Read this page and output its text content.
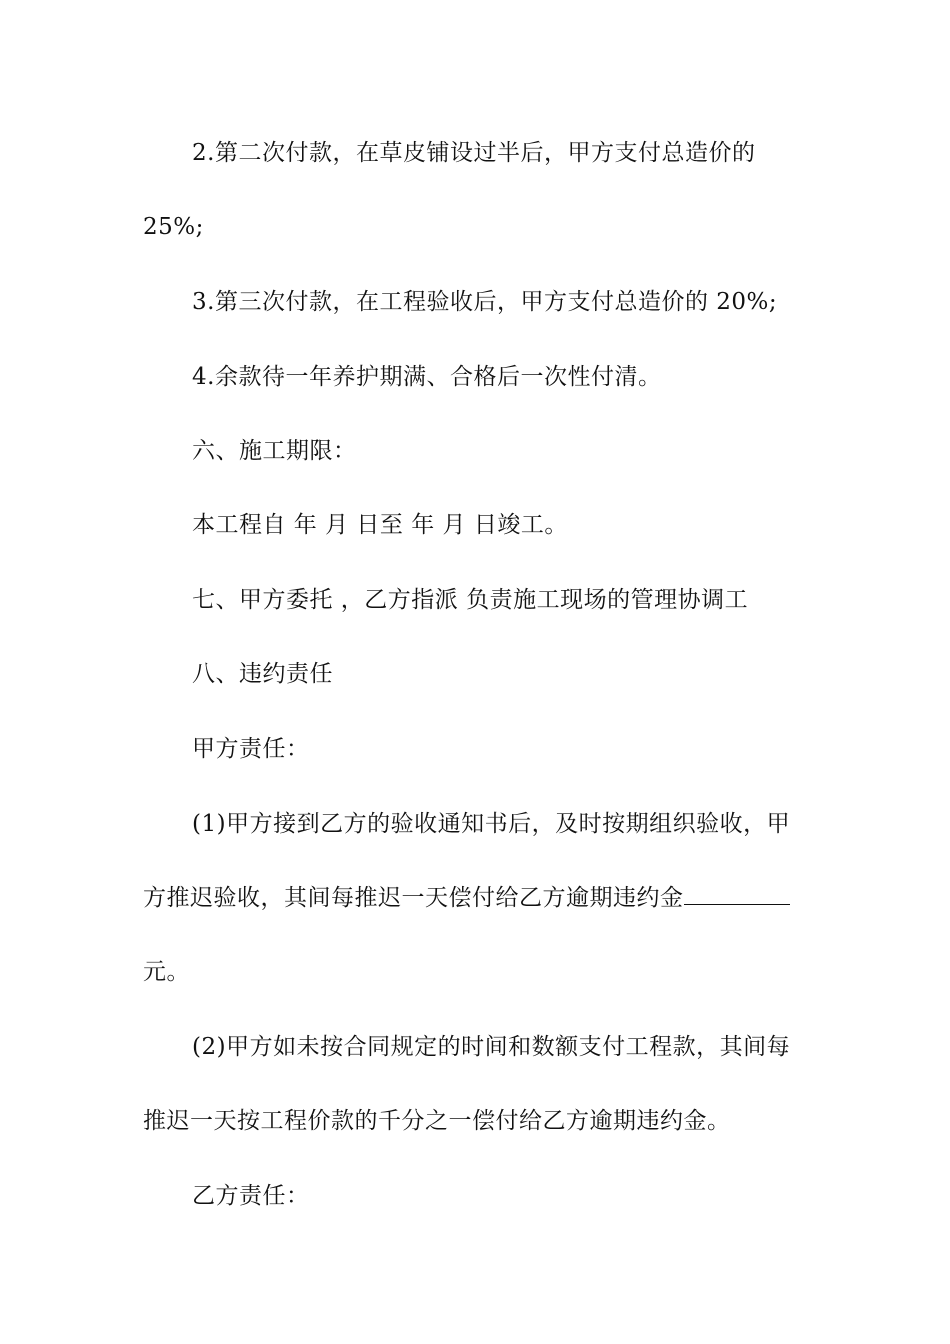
2.第二次付款，在草皮铺设过半后，甲方支付总造价的
25%;
3.第三次付款，在工程验收后，甲方支付总造价的 20%;
4.余款待一年养护期满、合格后一次性付清。
六、施工期限：
本工程自 年 月 日至 年 月 日竣工。
七、甲方委托 ，乙方指派 负责施工现场的管理协调工
八、违约责任
甲方责任：
(1)甲方接到乙方的验收通知书后，及时按期组织验收，甲
方推迟验收，其间每推迟一天偿付给乙方逾期违约金
元。
(2)甲方如未按合同规定的时间和数额支付工程款，其间每
推迟一天按工程价款的千分之一偿付给乙方逾期违约金。
乙方责任：
